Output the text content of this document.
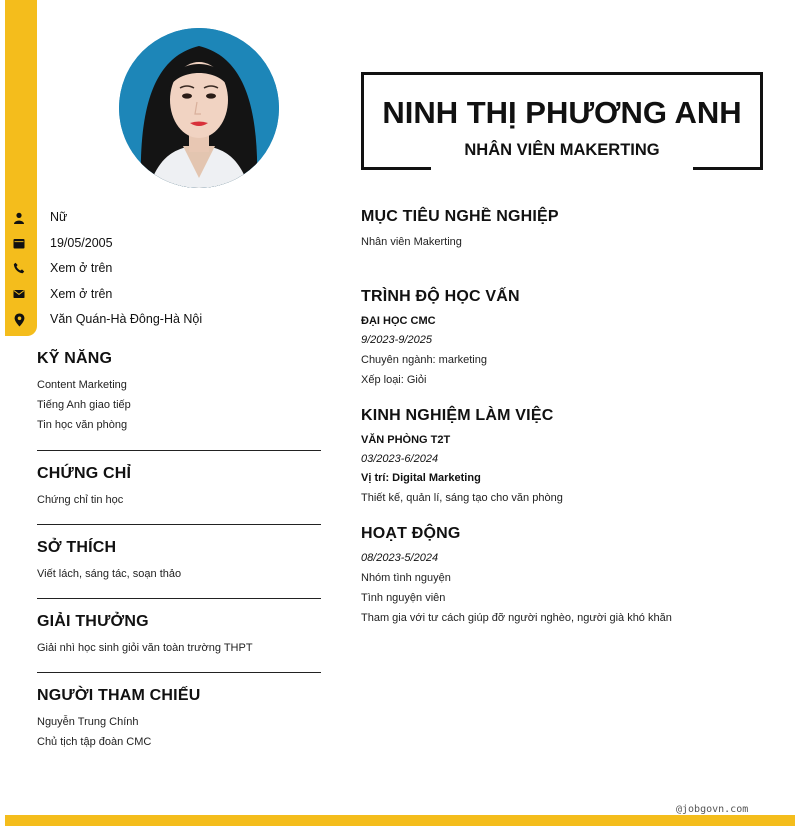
Nữ
19/05/2005
Xem ở trên
Xem ở trên
Văn Quán-Hà Đông-Hà Nội
KỸ NĂNG
Content Marketing
Tiếng Anh giao tiếp
Tin học văn phòng
CHỨNG CHỈ
Chứng chỉ tin học
SỞ THÍCH
Viết lách, sáng tác, soạn thảo
GIẢI THƯỞNG
Giải nhì học sinh giỏi văn toàn trường THPT
NGƯỜI THAM CHIẾU
Nguyễn Trung Chính
Chủ tịch tập đoàn CMC
NINH THỊ PHƯƠNG ANH
NHÂN VIÊN MAKERTING
MỤC TIÊU NGHỀ NGHIỆP
Nhân viên Makerting
TRÌNH ĐỘ HỌC VẤN
ĐẠI HỌC CMC
9/2023-9/2025
Chuyên ngành: marketing
Xếp loại: Giỏi
KINH NGHIỆM LÀM VIỆC
VĂN PHÒNG T2T
03/2023-6/2024
Vị trí: Digital Marketing
Thiết kế, quản lí, sáng tạo cho văn phòng
HOẠT ĐỘNG
08/2023-5/2024
Nhóm tình nguyện
Tình nguyện viên
Tham gia với tư cách giúp đỡ người nghèo, người già khó khăn
@jobgovn.com
